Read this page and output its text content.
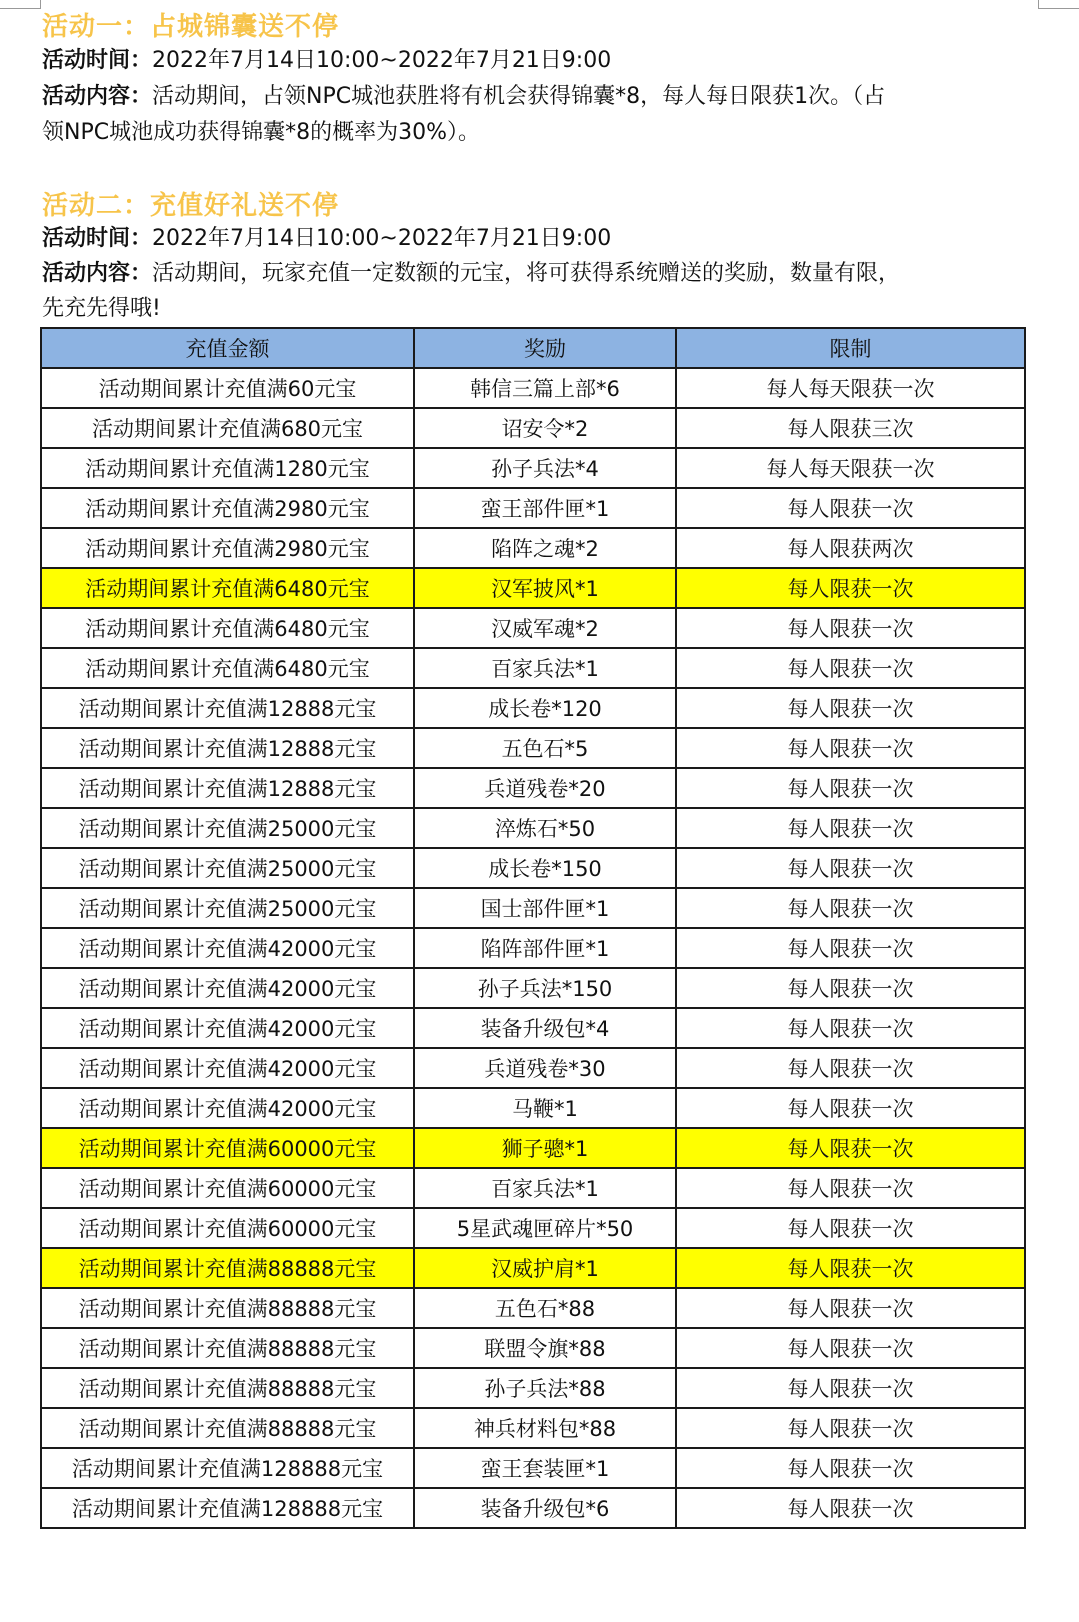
活动一：占城锦囊送不停
活动时间：2022年7月14日10:00~2022年7月21日9:00
活动内容：活动期间，占领NPC城池获胜将有机会获得锦囊*8，每人每日限获1次。（占
领NPC城池成功获得锦囊*8的概率为30%）。
活动二：充值好礼送不停
活动时间：2022年7月14日10:00~2022年7月21日9:00
活动内容：活动期间，玩家充值一定数额的元宝，将可获得系统赠送的奖励，数量有限，
先充先得哦!
充值金额	奖励	限制
活动期间累计充值满60元宝	韩信三篇上部*6	每人每天限获一次
活动期间累计充值满680元宝	诏安令*2	每人限获三次
活动期间累计充值满1280元宝	孙子兵法*4	每人每天限获一次
活动期间累计充值满2980元宝	蛮王部件匣*1	每人限获一次
活动期间累计充值满2980元宝	陷阵之魂*2	每人限获两次
活动期间累计充值满6480元宝	汉军披风*1	每人限获一次
活动期间累计充值满6480元宝	汉威军魂*2	每人限获一次
活动期间累计充值满6480元宝	百家兵法*1	每人限获一次
活动期间累计充值满12888元宝	成长卷*120	每人限获一次
活动期间累计充值满12888元宝	五色石*5	每人限获一次
活动期间累计充值满12888元宝	兵道残卷*20	每人限获一次
活动期间累计充值满25000元宝	淬炼石*50	每人限获一次
活动期间累计充值满25000元宝	成长卷*150	每人限获一次
活动期间累计充值满25000元宝	国士部件匣*1	每人限获一次
活动期间累计充值满42000元宝	陷阵部件匣*1	每人限获一次
活动期间累计充值满42000元宝	孙子兵法*150	每人限获一次
活动期间累计充值满42000元宝	装备升级包*4	每人限获一次
活动期间累计充值满42000元宝	兵道残卷*30	每人限获一次
活动期间累计充值满42000元宝	马鞭*1	每人限获一次
活动期间累计充值满60000元宝	狮子骢*1	每人限获一次
活动期间累计充值满60000元宝	百家兵法*1	每人限获一次
活动期间累计充值满60000元宝	5星武魂匣碎片*50	每人限获一次
活动期间累计充值满88888元宝	汉威护肩*1	每人限获一次
活动期间累计充值满88888元宝	五色石*88	每人限获一次
活动期间累计充值满88888元宝	联盟令旗*88	每人限获一次
活动期间累计充值满88888元宝	孙子兵法*88	每人限获一次
活动期间累计充值满88888元宝	神兵材料包*88	每人限获一次
活动期间累计充值满128888元宝	蛮王套装匣*1	每人限获一次
活动期间累计充值满128888元宝	装备升级包*6	每人限获一次
